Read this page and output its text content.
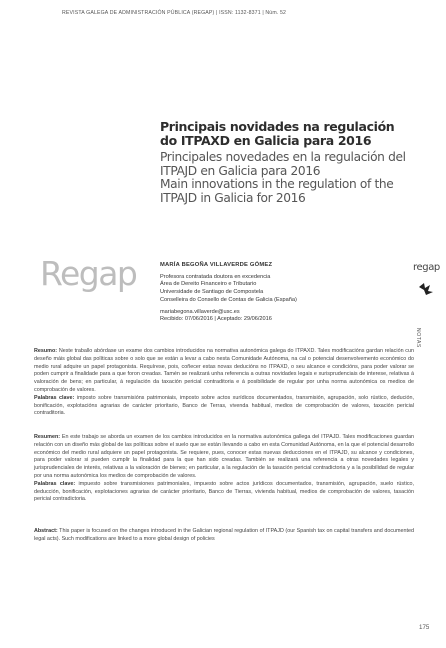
REVISTA GALEGA DE ADMINISTRACIÓN PÚBLICA (REGAP) | ISSN: 1132-8371 | Núm. 52
Principais novidades na regulación do ITPAXD en Galicia para 2016
Principales novedades en la regulación del ITPAJD en Galicia para 2016
Main innovations in the regulation of the ITPAJD in Galicia for 2016
Regap	MARÍA BEGOÑA VILLAVERDE GÓMEZ
Profesora contratada doutora en excedencia
Área de Dereito Financeiro e Tributario
Universidade de Santiago de Compostela
Conselleira do Consello de Contas de Galicia (España)
mariabegona.villaverde@usc.es
Recibido: 07/06/2016 | Aceptado: 29/06/2016
regap
NOTAS
Resumo: Neste traballo abórdase un exame dos cambios introducidos na normativa autonómica galega do ITPAXD. Tales modificacións gardan relación cun deseño máis global das políticas sobre o solo que se están a levar a cabo nesta Comunidade Autónoma, na cal o potencial desenvolvemento económico do medio rural adquire un papel protagonista. Requírese, pois, coñecer estas novas deducións no ITPAXD, o seu alcance e condicións, para poder valorar se poden cumprir a finalidade para a que foron creadas. Tamén se realizará unha referencia a outras novidades legais e xurisprudenciais de interese, relativas á valoración de bens; en particular, á regulación da taxación pericial contraditoria e á posibilidade de regular por unha norma autonómica os medios de comprobación de valores.
Palabras clave: imposto sobre transmisións patrimoniais, imposto sobre actos xurídicos documentados, transmisión, agrupación, solo rústico, dedución, bonificación, explotacións agrarias de carácter prioritario, Banco de Terras, vivenda habitual, medios de comprobación de valores, taxación pericial contraditoria.
Resumen: En este trabajo se aborda un examen de los cambios introducidos en la normativa autonómica gallega del ITPAJD. Tales modificaciones guardan relación con un diseño más global de las políticas sobre el suelo que se están llevando a cabo en esta Comunidad Autónoma, en la que el potencial desarrollo económico del medio rural adquiere un papel protagonista. Se requiere, pues, conocer estas nuevas deducciones en el ITPAJD, su alcance y condiciones, para poder valorar si pueden cumplir la finalidad para la que han sido creadas. También se realizará una referencia a otras novedades legales y jurisprudenciales de interés, relativas a la valoración de bienes; en particular, a la regulación de la tasación pericial contradictoria y a la posibilidad de regular por una norma autonómica los medios de comprobación de valores.
Palabras clave: impuesto sobre transmisiones patrimoniales, impuesto sobre actos jurídicos documentados, transmisión, agrupación, suelo rústico, deducción, bonificación, explotaciones agrarias de carácter prioritario, Banco de Tierras, vivienda habitual, medios de comprobación de valores, tasación pericial contradictoria.
Abstract: This paper is focused on the changes introduced in the Galician regional regulation of ITPAJD (our Spanish tax on capital transfers and documented legal acts). Such modifications are linked to a more global design of policies
175
